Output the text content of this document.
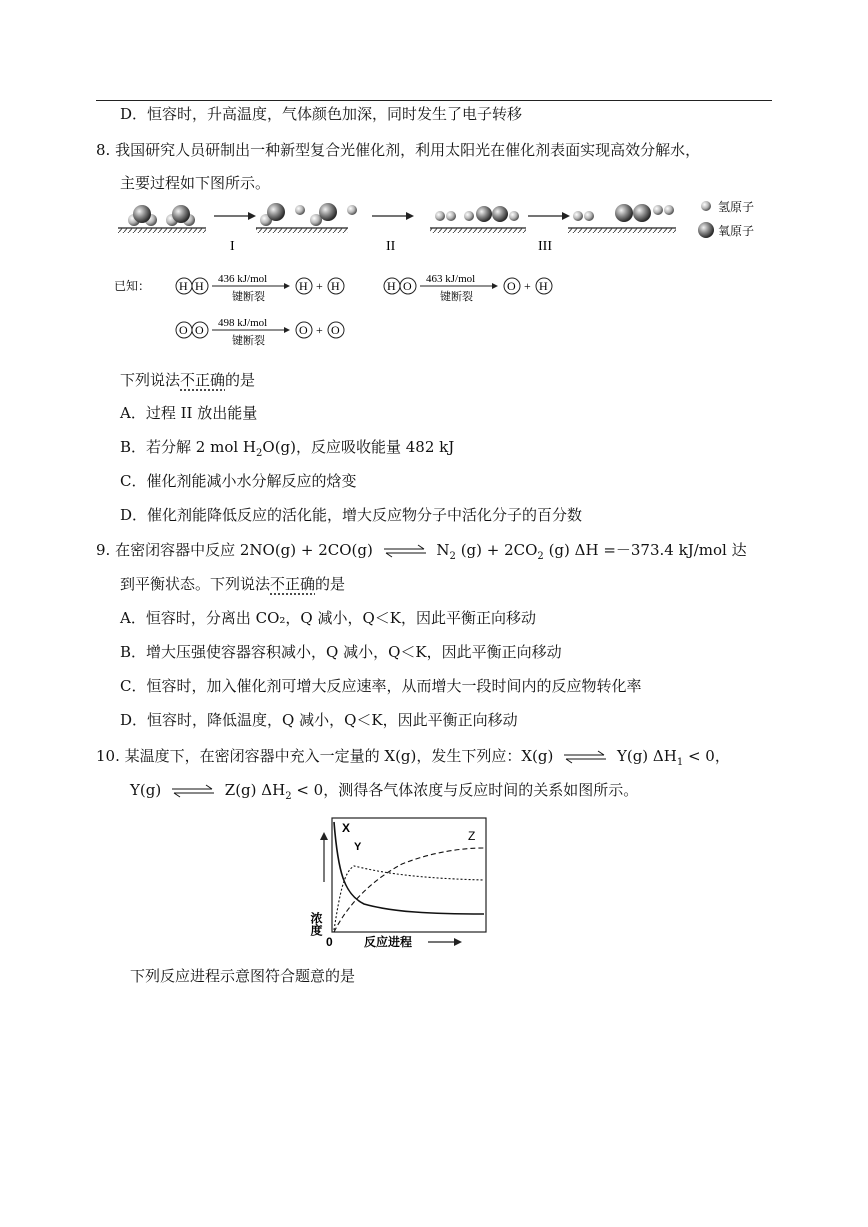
D．恒容时，升高温度，气体颜色加深，同时发生了电子转移
8. 我国研究人员研制出一种新型复合光催化剂，利用太阳光在催化剂表面实现高效分解水，
主要过程如下图所示。
I	II	III
氢原子
氧原子
已知： H H 436 kJ/mol
键断裂
H + H	H O 463 kJ/mol
键断裂
O + H
O O 498 kJ/mol
键断裂
O + O
下列说法不正确的是
A．过程 II 放出能量
B．若分解 2 mol $H_2O(g)$，反应吸收能量 482 kJ
C．催化剂能减小水分解反应的焓变
D．催化剂能降低反应的活化能，增大反应物分子中活化分子的百分数
9. 在密闭容器中反应 2NO(g) + 2CO(g) ⇌ $N_2$ $(g) + 2CO_2$ (g) ΔH =－373.4 kJ/mol 达
到平衡状态。下列说法不正确的是
A．恒容时，分离出 CO₂，Q 减小，Q＜K，因此平衡正向移动
B．增大压强使容器容积减小，Q 减小，Q＜K，因此平衡正向移动
C．恒容时，加入催化剂可增大反应速率，从而增大一段时间内的反应物转化率
D．恒容时，降低温度，Q 减小，Q＜K，因此平衡正向移动
10. 某温度下，在密闭容器中充入一定量的 X(g)，发生下列应：X(g) ⇌ Y(g) $\Delta H_1 < 0$，
Y(g) ⇌ Z(g) $\Delta H_2 < 0$，测得各气体浓度与反应时间的关系如图所示。
浓度
反应进程
0
X
Y
Z
下列反应进程示意图符合题意的是
